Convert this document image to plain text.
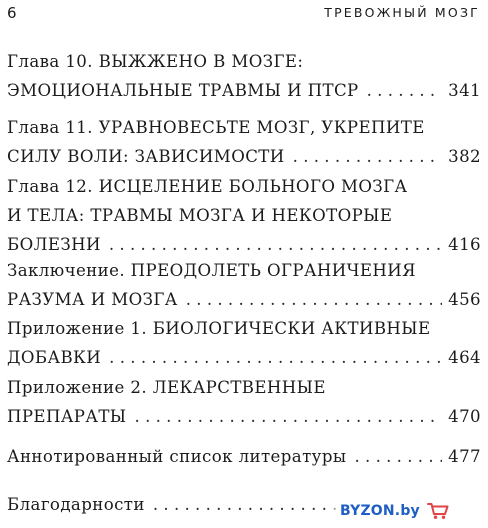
6	ТРЕВОЖНЫЙ МОЗГ
Глава 10. ВЫЖЖЕНО В МОЗГЕ:
ЭМОЦИОНАЛЬНЫЕ ТРАВМЫ И ПТСР . . .	341
Глава 11. УРАВНОВЕСЬТЕ МОЗГ, УКРЕПИТЕ
СИЛУ ВОЛИ: ЗАВИСИМОСТИ . . .	382
Глава 12. ИСЦЕЛЕНИЕ БОЛЬНОГО МОЗГА
И ТЕЛА: ТРАВМЫ МОЗГА И НЕКОТОРЫЕ
БОЛЕЗНИ . . .	416
Заключение. ПРЕОДОЛЕТЬ ОГРАНИЧЕНИЯ
РАЗУМА И МОЗГА . . .	456
Приложение 1. БИОЛОГИЧЕСКИ АКТИВНЫЕ
ДОБАВКИ . . .	464
Приложение 2. ЛЕКАРСТВЕННЫЕ
ПРЕПАРАТЫ . . .	470
Аннотированный список литературы . . .	477
Благодарности . . .	BYZON.by
